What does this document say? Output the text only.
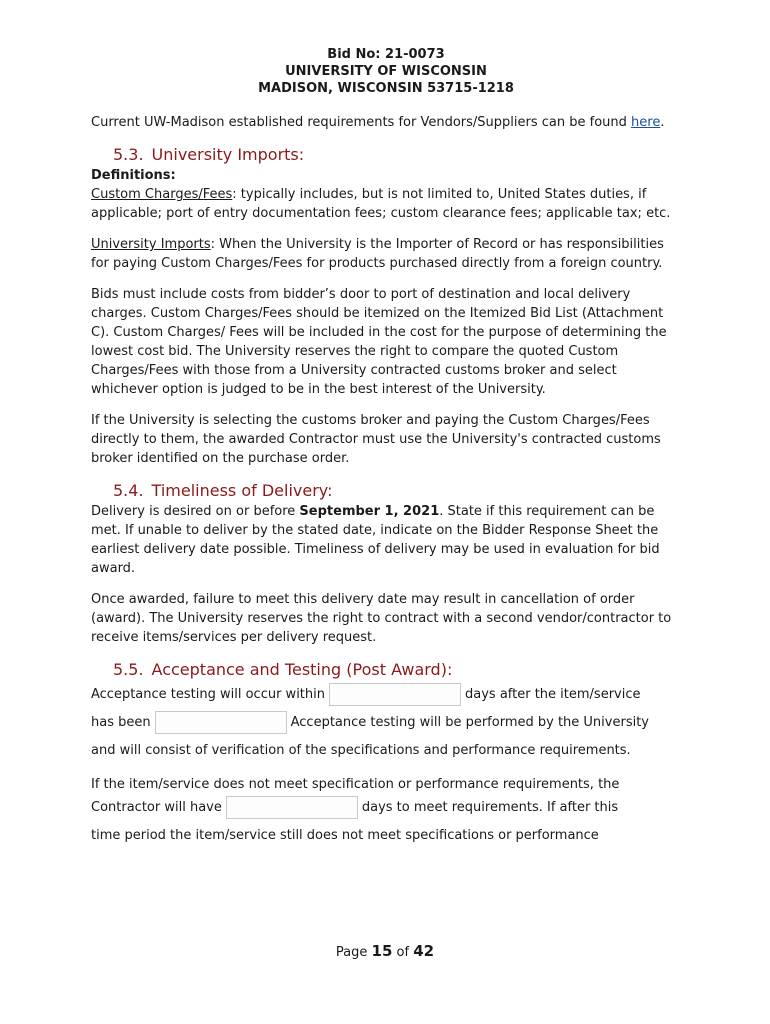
Bid No: 21-0073
UNIVERSITY OF WISCONSIN
MADISON, WISCONSIN 53715-1218

Current UW-Madison established requirements for Vendors/Suppliers can be found here.

5.3. University Imports:
Definitions:

Custom Charges/Fees: typically includes, but is not limited to, United States duties, if applicable; port of entry documentation fees; custom clearance fees; applicable tax; etc.

University Imports: When the University is the Importer of Record or has responsibilities for paying Custom Charges/Fees for products purchased directly from a foreign country.

Bids must include costs from bidder’s door to port of destination and local delivery charges. Custom Charges/Fees should be itemized on the Itemized Bid List (Attachment C). Custom Charges/ Fees will be included in the cost for the purpose of determining the lowest cost bid. The University reserves the right to compare the quoted Custom Charges/Fees with those from a University contracted customs broker and select whichever option is judged to be in the best interest of the University.

If the University is selecting the customs broker and paying the Custom Charges/Fees directly to them, the awarded Contractor must use the University's contracted customs broker identified on the purchase order.

5.4. Timeliness of Delivery:

Delivery is desired on or before September 1, 2021. State if this requirement can be met. If unable to deliver by the stated date, indicate on the Bidder Response Sheet the earliest delivery date possible. Timeliness of delivery may be used in evaluation for bid award.

Once awarded, failure to meet this delivery date may result in cancellation of order (award). The University reserves the right to contract with a second vendor/contractor to receive items/services per delivery request.

5.5. Acceptance and Testing (Post Award):
Acceptance testing will occur within	days after the item/service
has been	Acceptance testing will be performed by the University
and will consist of verification of the specifications and performance requirements.
If the item/service does not meet specification or performance requirements, the
Contractor will have	days to meet requirements. If after this
time period the item/service still does not meet specifications or performance
Page 15 of 42
